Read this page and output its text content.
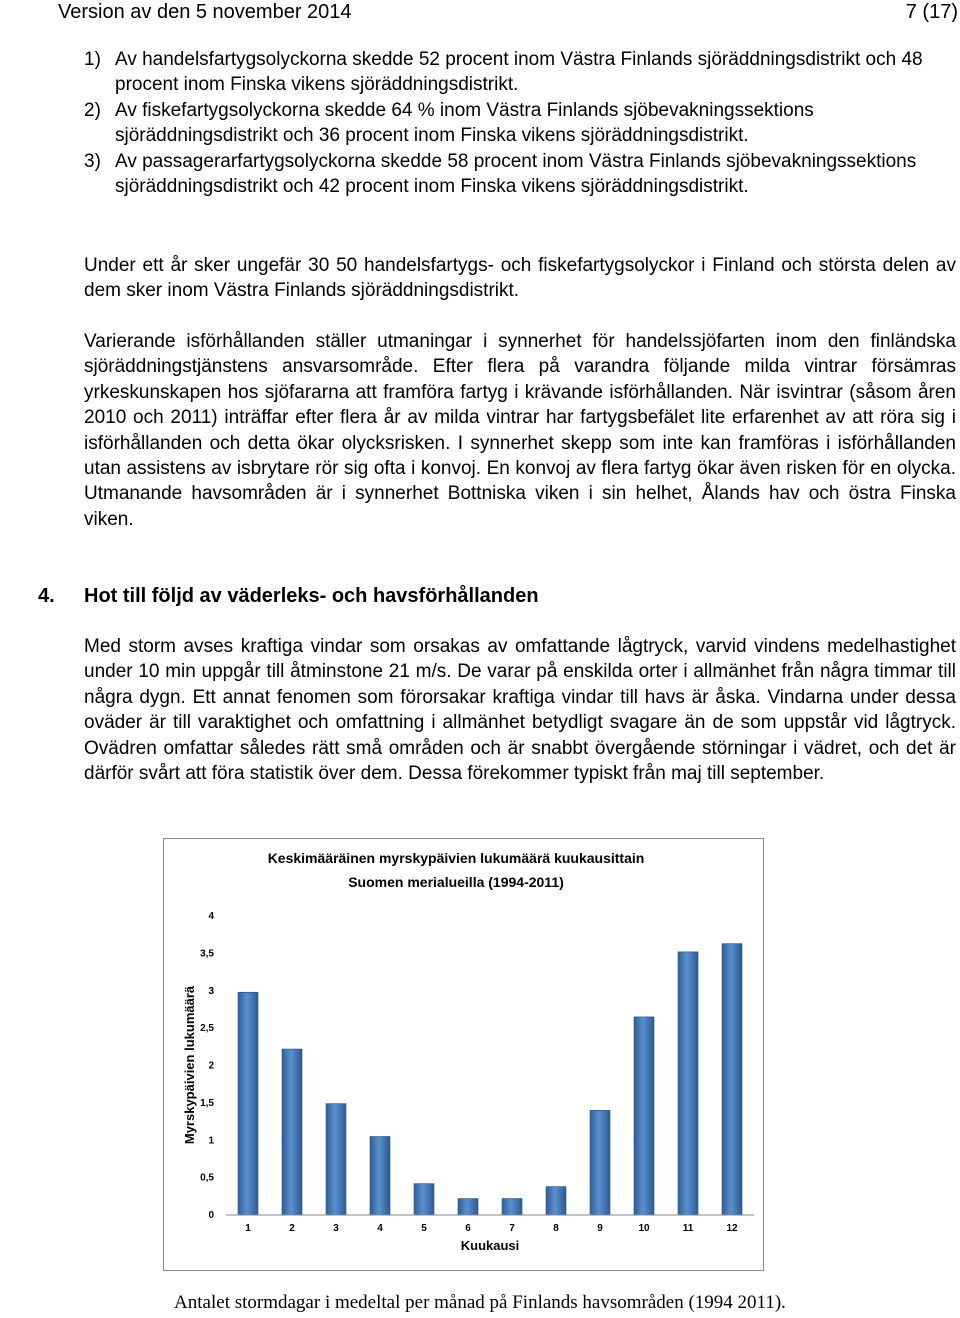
Version av den 5 november 2014	7 (17)
1) Av handelsfartygsolyckorna skedde 52 procent inom Västra Finlands sjöräddningsdistrikt och 48 procent inom Finska vikens sjöräddningsdistrikt.
2) Av fiskefartygsolyckorna skedde 64 % inom Västra Finlands sjöbevakningssektions sjöräddningsdistrikt och 36 procent inom Finska vikens sjöräddningsdistrikt.
3) Av passagerarfartygsolyckorna skedde 58 procent inom Västra Finlands sjöbevakningssektions sjöräddningsdistrikt och 42 procent inom Finska vikens sjöräddningsdistrikt.

Under ett år sker ungefär 30 50 handelsfartygs- och fiskefartygsolyckor i Finland och största delen av dem sker inom Västra Finlands sjöräddningsdistrikt.

Varierande isförhållanden ställer utmaningar i synnerhet för handelssjöfarten inom den finländska sjöräddningstjänstens ansvarsområde. Efter flera på varandra följande milda vintrar försämras yrkeskunskapen hos sjöfararna att framföra fartyg i krävande isförhållanden. När isvintrar (såsom åren 2010 och 2011) inträffar efter flera år av milda vintrar har fartygsbefälet lite erfarenhet av att röra sig i isförhållanden och detta ökar olycksrisken. I synnerhet skepp som inte kan framföras i isförhållanden utan assistens av isbrytare rör sig ofta i konvoj. En konvoj av flera fartyg ökar även risken för en olycka. Utmanande havsområden är i synnerhet Bottniska viken i sin helhet, Ålands hav och östra Finska viken.

4. Hot till följd av väderleks- och havsförhållanden

Med storm avses kraftiga vindar som orsakas av omfattande lågtryck, varvid vindens medelhastighet under 10 min uppgår till åtminstone 21 m/s. De varar på enskilda orter i allmänhet från några timmar till några dygn. Ett annat fenomen som förorsakar kraftiga vindar till havs är åska. Vindarna under dessa oväder är till varaktighet och omfattning i allmänhet betydligt svagare än de som uppstår vid lågtryck. Ovädren omfattar således rätt små områden och är snabbt övergående störningar i vädret, och det är därför svårt att föra statistik över dem. Dessa förekommer typiskt från maj till september.

Keskimääräinen myrskypäivien lukumäärä kuukausittain
Suomen merialueilla (1994-2011)
Myrskypäivien lukumäärä
Kuukausi
0
0,5
1
1,5
2
2,5
3
3,5
4
1	2	3	4	5	6	7	8	9	10	11	12
Antalet stormdagar i medeltal per månad på Finlands havsområden (1994 2011).
